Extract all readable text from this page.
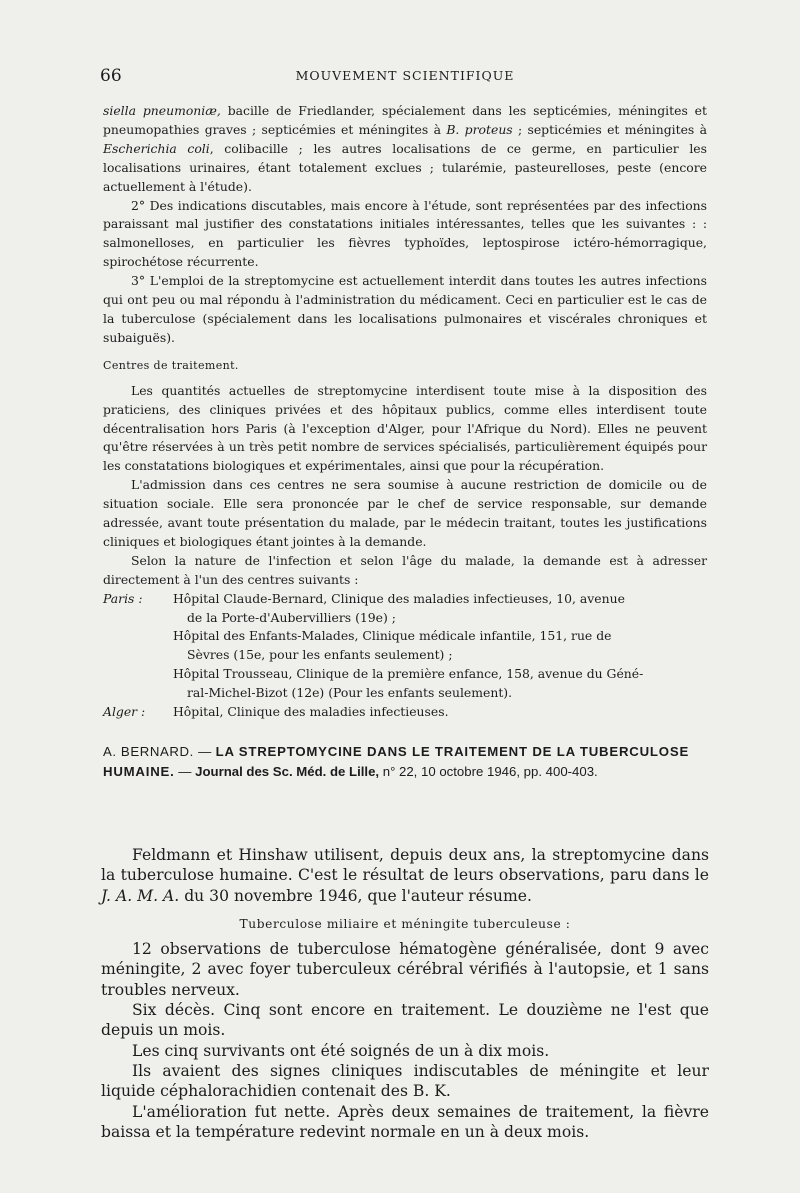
66	MOUVEMENT SCIENTIFIQUE

siella pneumoniæ, bacille de Friedlander, spécialement dans les septicémies, méningites et pneumopathies graves ; septicémies et méningites à B. proteus ; septicémies et méningites à Escherichia coli, colibacille ; les autres localisations de ce germe, en particulier les localisations urinaires, étant totalement exclues ; tularémie, pasteurelloses, peste (encore actuellement à l'étude).

2° Des indications discutables, mais encore à l'étude, sont représentées par des infections paraissant mal justifier des constatations initiales intéressantes, telles que les suivantes : : salmonelloses, en particulier les fièvres typhoïdes, leptospirose ictéro-hémorragique, spirochétose récurrente.

3° L'emploi de la streptomycine est actuellement interdit dans toutes les autres infections qui ont peu ou mal répondu à l'administration du médicament. Ceci en particulier est le cas de la tuberculose (spécialement dans les localisations pulmonaires et viscérales chroniques et subaiguës).

Centres de traitement.

Les quantités actuelles de streptomycine interdisent toute mise à la disposition des praticiens, des cliniques privées et des hôpitaux publics, comme elles interdisent toute décentralisation hors Paris (à l'exception d'Alger, pour l'Afrique du Nord). Elles ne peuvent qu'être réservées à un très petit nombre de services spécialisés, particulièrement équipés pour les constatations biologiques et expérimentales, ainsi que pour la récupération.

L'admission dans ces centres ne sera soumise à aucune restriction de domicile ou de situation sociale. Elle sera prononcée par le chef de service responsable, sur demande adressée, avant toute présentation du malade, par le médecin traitant, toutes les justifications cliniques et biologiques étant jointes à la demande.

Selon la nature de l'infection et selon l'âge du malade, la demande est à adresser directement à l'un des centres suivants :

Paris :	Hôpital Claude-Bernard, Clinique des maladies infectieuses, 10, avenue
de la Porte-d'Aubervilliers (19e) ;
Hôpital des Enfants-Malades, Clinique médicale infantile, 151, rue de
Sèvres (15e, pour les enfants seulement) ;
Hôpital Trousseau, Clinique de la première enfance, 158, avenue du Géné-
ral-Michel-Bizot (12e) (Pour les enfants seulement).
Alger :	Hôpital, Clinique des maladies infectieuses.
A. BERNARD. — LA STREPTOMYCINE DANS LE TRAITEMENT DE LA TUBERCULOSE HUMAINE. — Journal des Sc. Méd. de Lille, n° 22, 10 octobre 1946, pp. 400-403.

Feldmann et Hinshaw utilisent, depuis deux ans, la streptomycine dans la tuberculose humaine. C'est le résultat de leurs observations, paru dans le J. A. M. A. du 30 novembre 1946, que l'auteur résume.

Tuberculose miliaire et méningite tuberculeuse :

12 observations de tuberculose hématogène généralisée, dont 9 avec méningite, 2 avec foyer tuberculeux cérébral vérifiés à l'autopsie, et 1 sans troubles nerveux.

Six décès. Cinq sont encore en traitement. Le douzième ne l'est que depuis un mois.

Les cinq survivants ont été soignés de un à dix mois.

Ils avaient des signes cliniques indiscutables de méningite et leur liquide céphalorachidien contenait des B. K.

L'amélioration fut nette. Après deux semaines de traitement, la fièvre baissa et la température redevint normale en un à deux mois.
